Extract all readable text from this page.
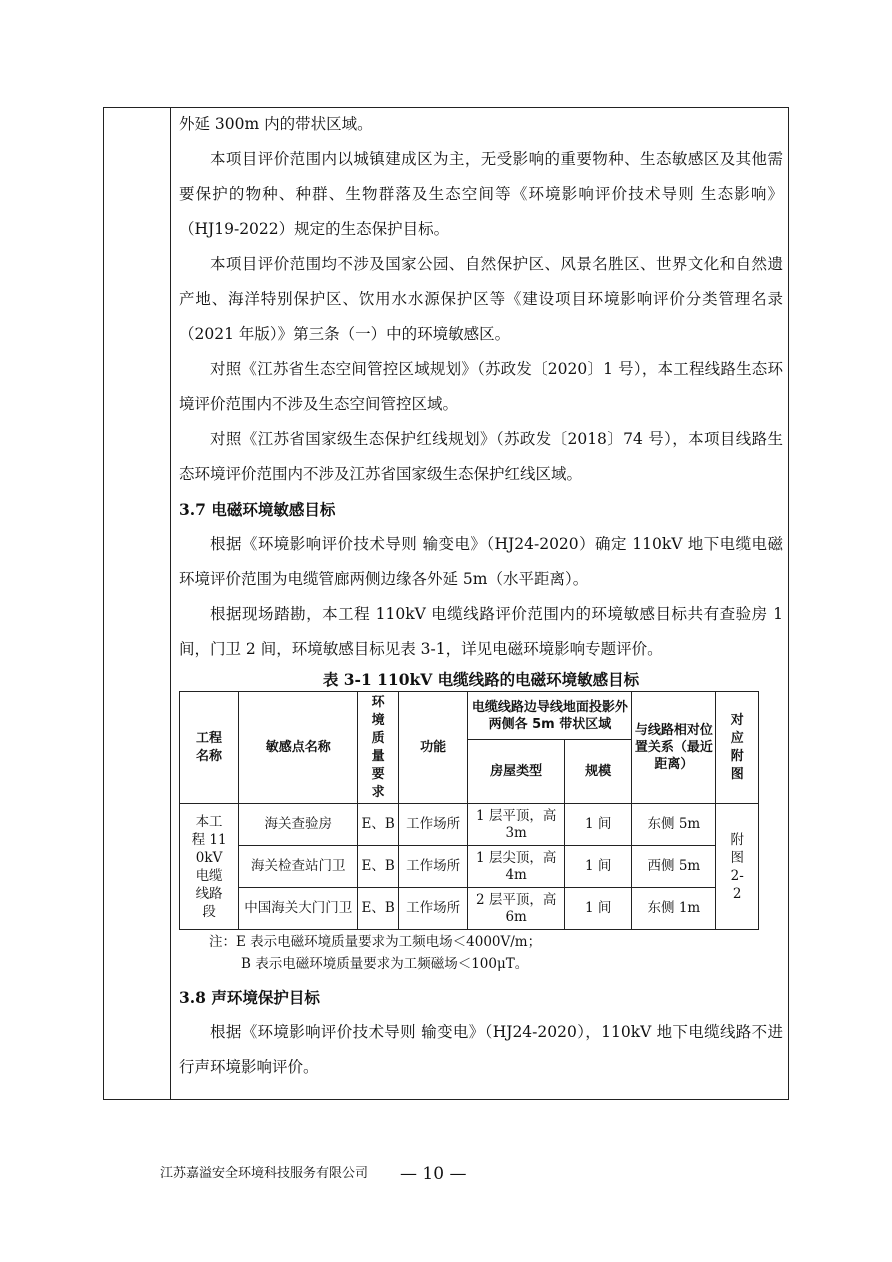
外延 300m 内的带状区域。

本项目评价范围内以城镇建成区为主，无受影响的重要物种、生态敏感区及其他需要保护的物种、种群、生物群落及生态空间等《环境影响评价技术导则 生态影响》（HJ19-2022）规定的生态保护目标。

本项目评价范围均不涉及国家公园、自然保护区、风景名胜区、世界文化和自然遗产地、海洋特别保护区、饮用水水源保护区等《建设项目环境影响评价分类管理名录（2021 年版）》第三条（一）中的环境敏感区。

对照《江苏省生态空间管控区域规划》（苏政发〔2020〕1 号），本工程线路生态环境评价范围内不涉及生态空间管控区域。

对照《江苏省国家级生态保护红线规划》（苏政发〔2018〕74 号），本项目线路生态环境评价范围内不涉及江苏省国家级生态保护红线区域。

3.7 电磁环境敏感目标

根据《环境影响评价技术导则 输变电》（HJ24-2020）确定 110kV 地下电缆电磁环境评价范围为电缆管廊两侧边缘各外延 5m（水平距离）。

根据现场踏勘，本工程 110kV 电缆线路评价范围内的环境敏感目标共有查验房 1 间，门卫 2 间，环境敏感目标见表 3-1，详见电磁环境影响专题评价。

表 3-1 110kV 电缆线路的电磁环境敏感目标
工程名称	敏感点名称	环境质量要求	功能	电缆线路边导线地面投影外两侧各 5m 带状区域		与线路相对位置关系（最近距离）	对应附图
				房屋类型	规模		
本工程 110kV 电缆线路段	海关查验房	E、B	工作场所	1 层平顶，高 3m	1 间	东侧 5m	附图 2-2
	海关检查站门卫	E、B	工作场所	1 层尖顶，高 4m	1 间	西侧 5m	
	中国海关大门门卫	E、B	工作场所	2 层平顶，高 6m	1 间	东侧 1m	
注：E 表示电磁环境质量要求为工频电场＜4000V/m；
B 表示电磁环境质量要求为工频磁场＜100μT。

3.8 声环境保护目标

根据《环境影响评价技术导则 输变电》（HJ24-2020），110kV 地下电缆线路不进行声环境影响评价。

江苏嘉溢安全环境科技服务有限公司 — 10 —
